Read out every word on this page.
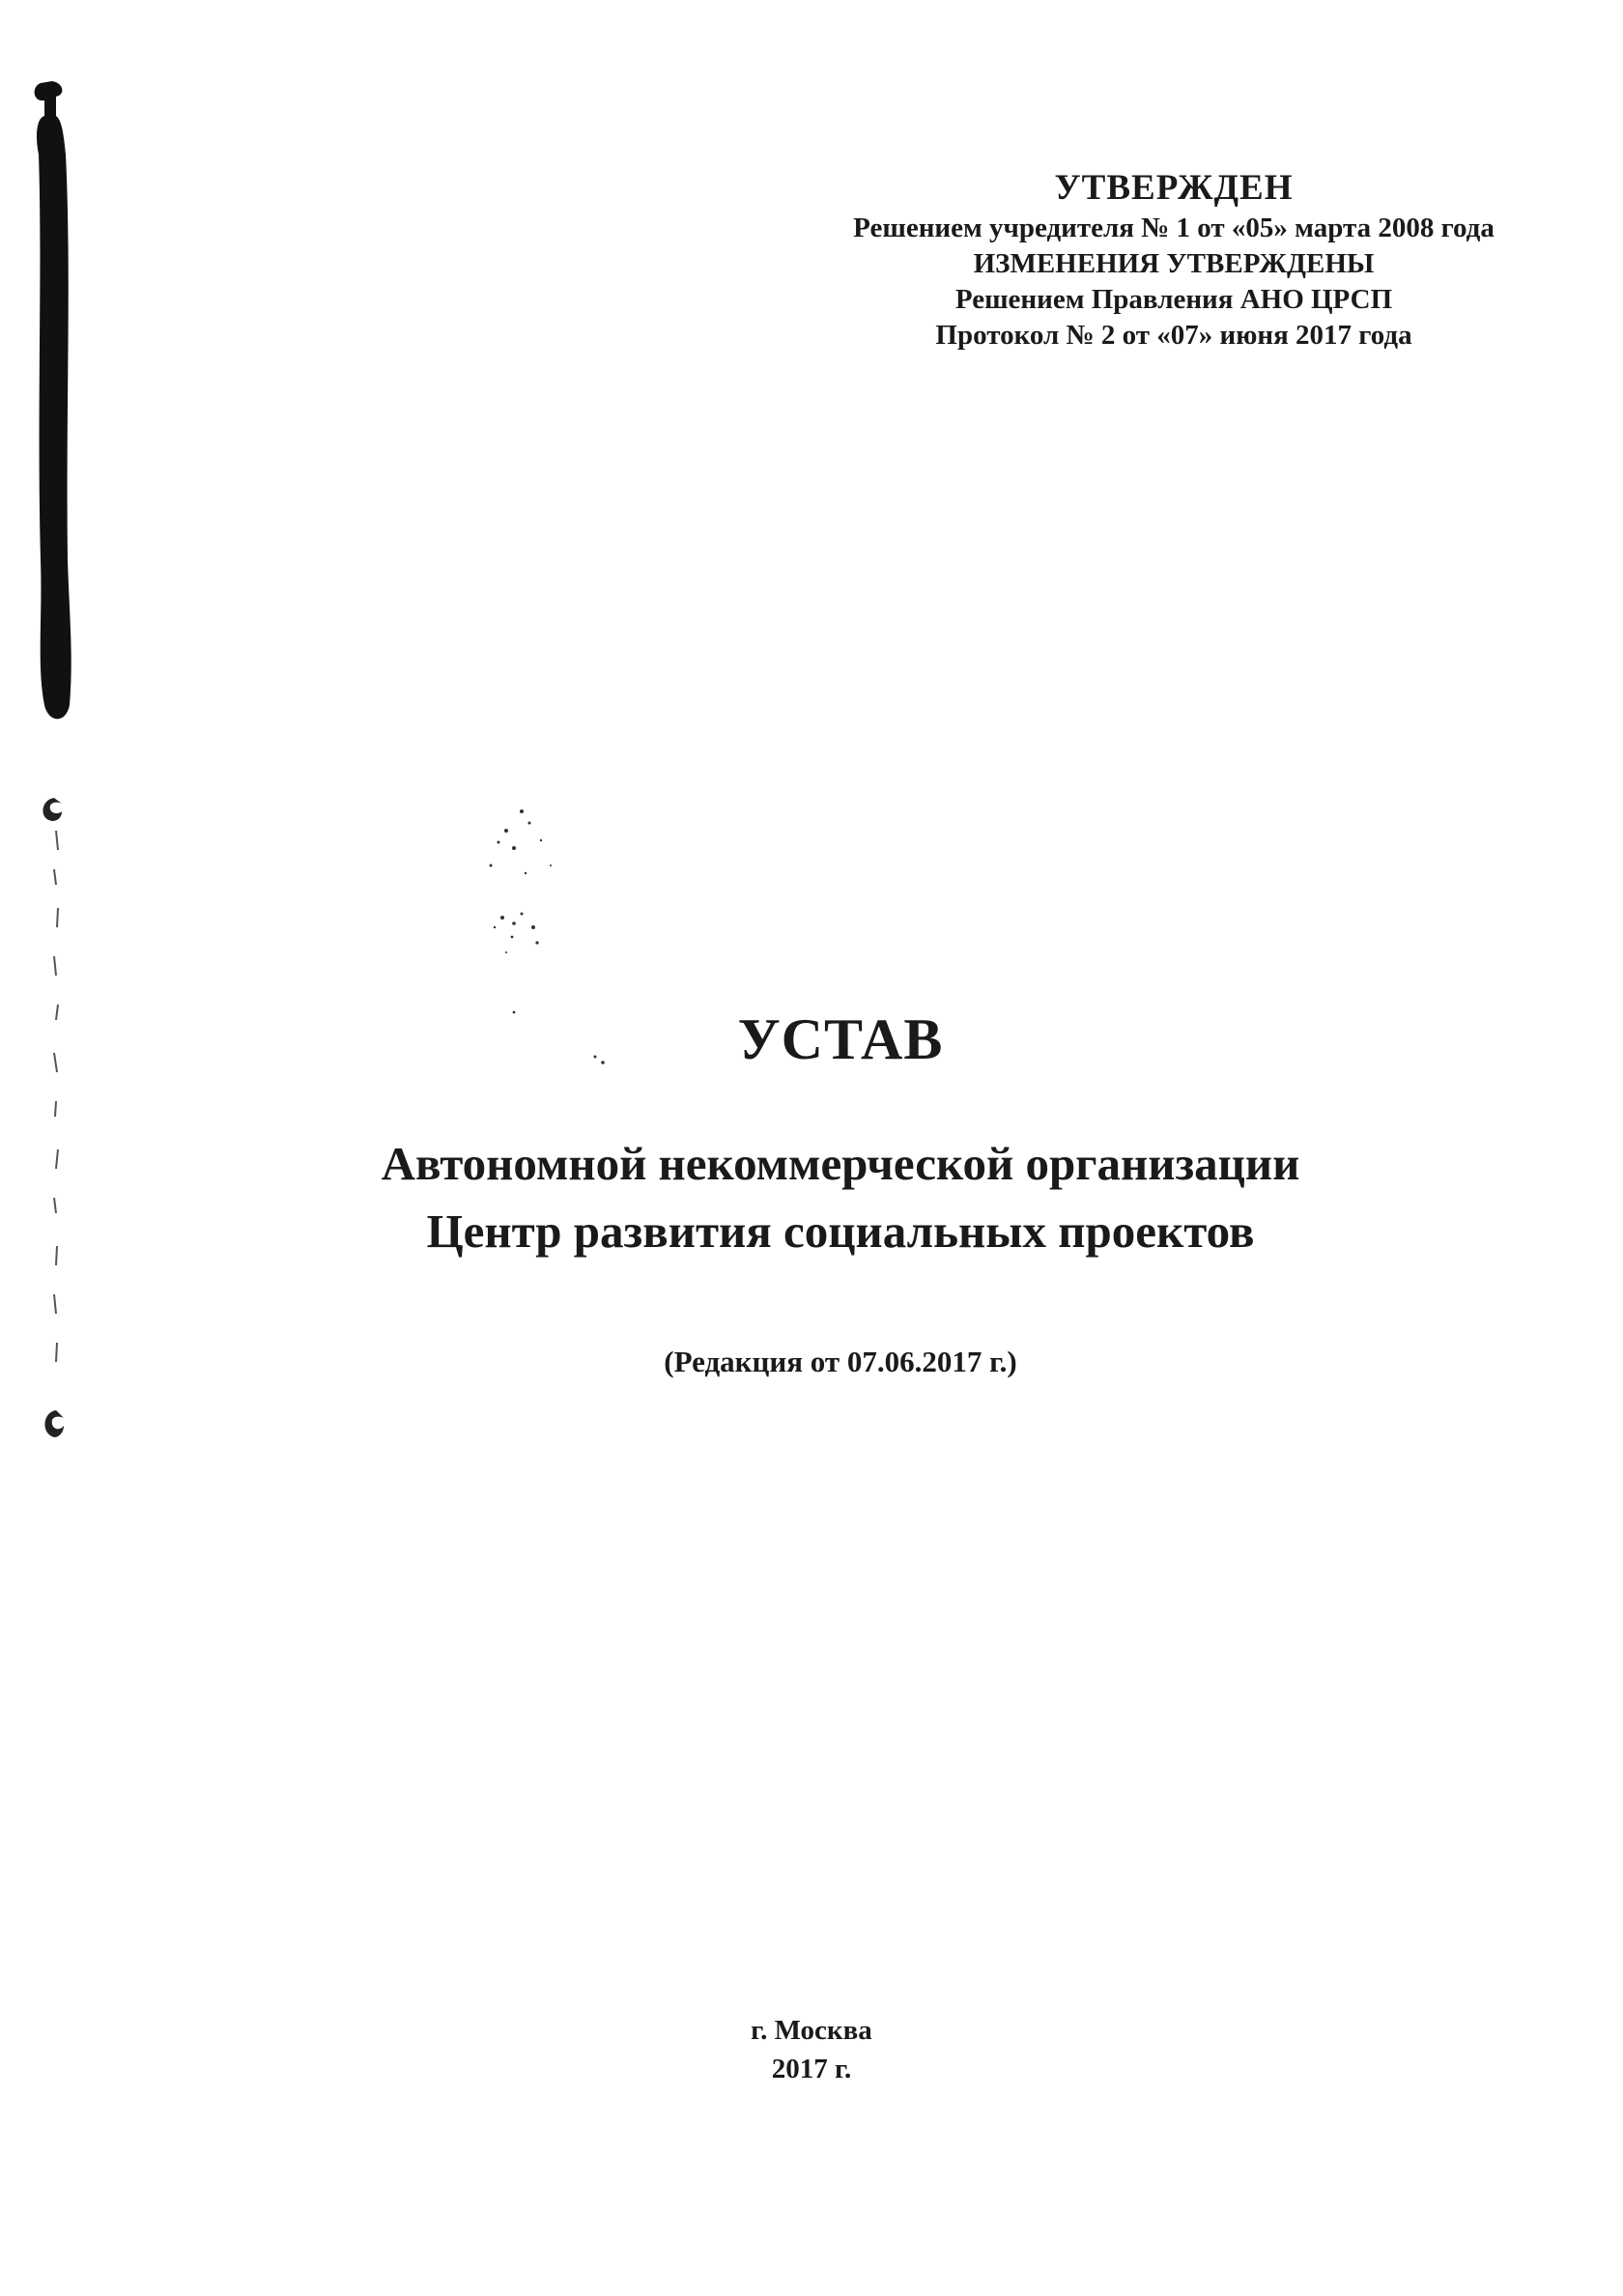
УТВЕРЖДЕН
Решением учредителя № 1 от «05» марта 2008 года
ИЗМЕНЕНИЯ УТВЕРЖДЕНЫ
Решением Правления АНО ЦРСП
Протокол № 2 от «07» июня 2017 года
УСТАВ
Автономной некоммерческой организации
Центр развития социальных проектов
(Редакция от 07.06.2017 г.)
г. Москва
2017 г.
